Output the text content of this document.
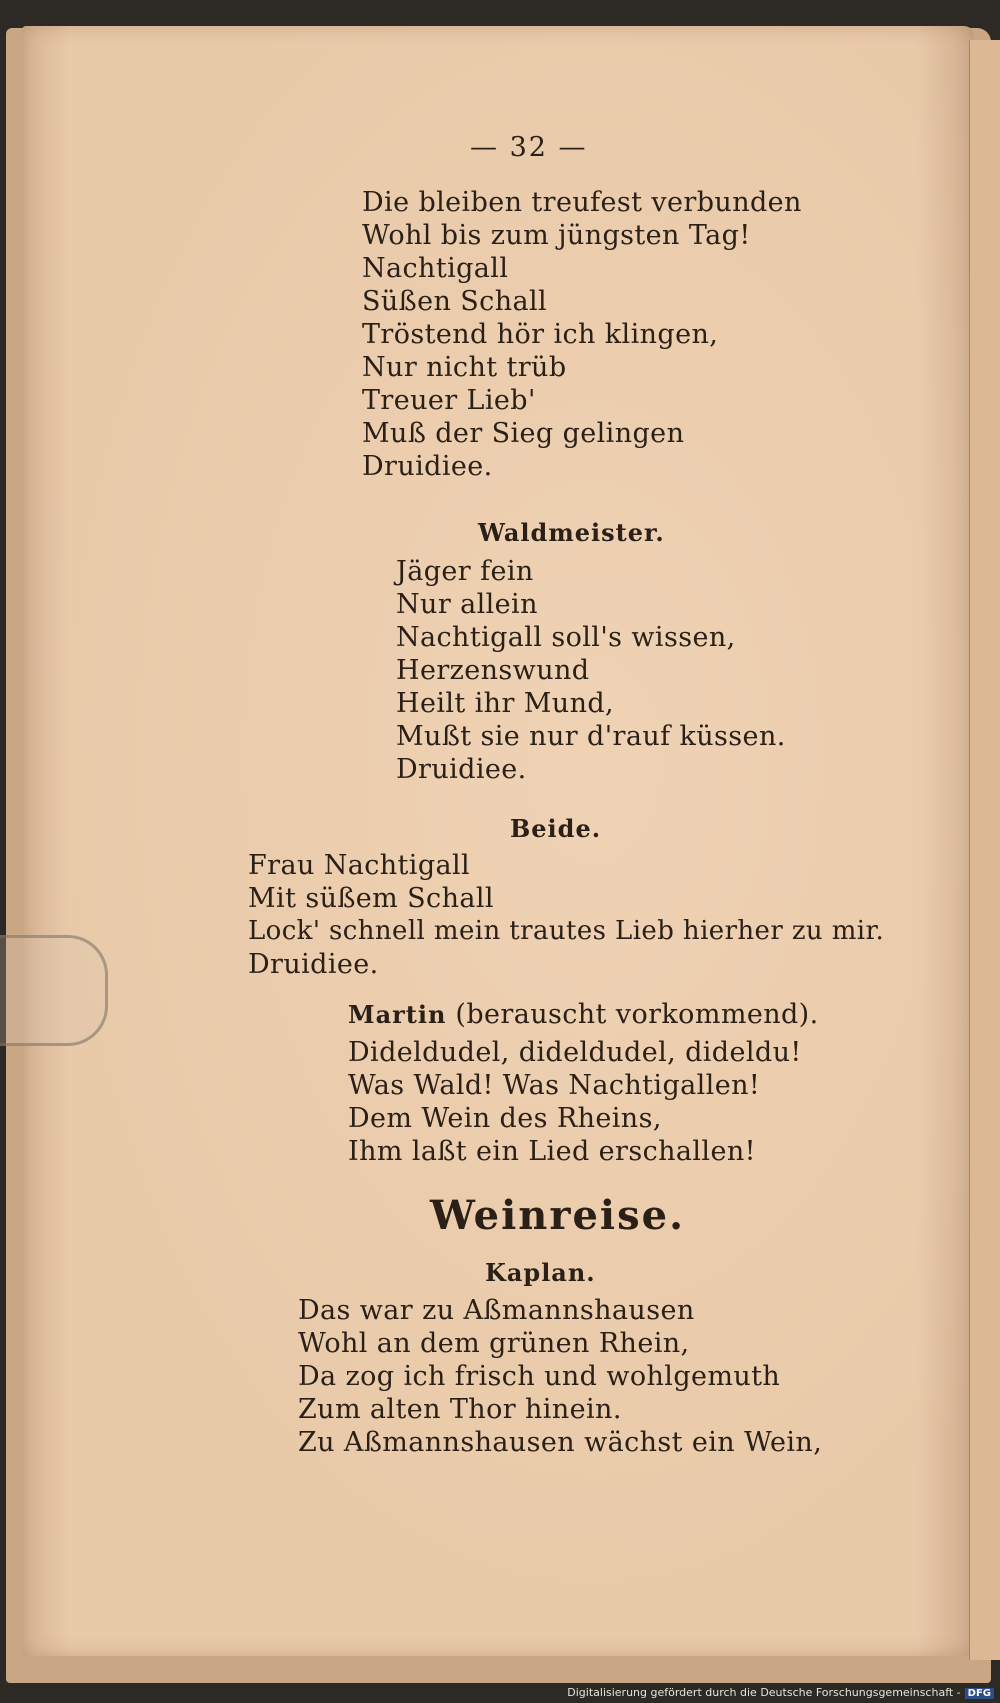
— 32 —
Die bleiben treufest verbunden
Wohl bis zum jüngsten Tag!
Nachtigall
Süßen Schall
Tröstend hör ich klingen,
Nur nicht trüb
Treuer Lieb'
Muß der Sieg gelingen
Druidiee.
Waldmeister.
Jäger fein
Nur allein
Nachtigall soll's wissen,
Herzenswund
Heilt ihr Mund,
Mußt sie nur d'rauf küssen.
Druidiee.
Beide.
Frau Nachtigall
Mit süßem Schall
Lock' schnell mein trautes Lieb hierher zu mir.
Druidiee.
Martin (berauscht vorkommend).
Dideldudel, dideldudel, dideldu!
Was Wald! Was Nachtigallen!
Dem Wein des Rheins,
Ihm laßt ein Lied erschallen!
Weinreise.
Kaplan.
Das war zu Aßmannshausen
Wohl an dem grünen Rhein,
Da zog ich frisch und wohlgemuth
Zum alten Thor hinein.
Zu Aßmannshausen wächst ein Wein,
Digitalisierung gefördert durch die Deutsche Forschungsgemeinschaft - DFG
